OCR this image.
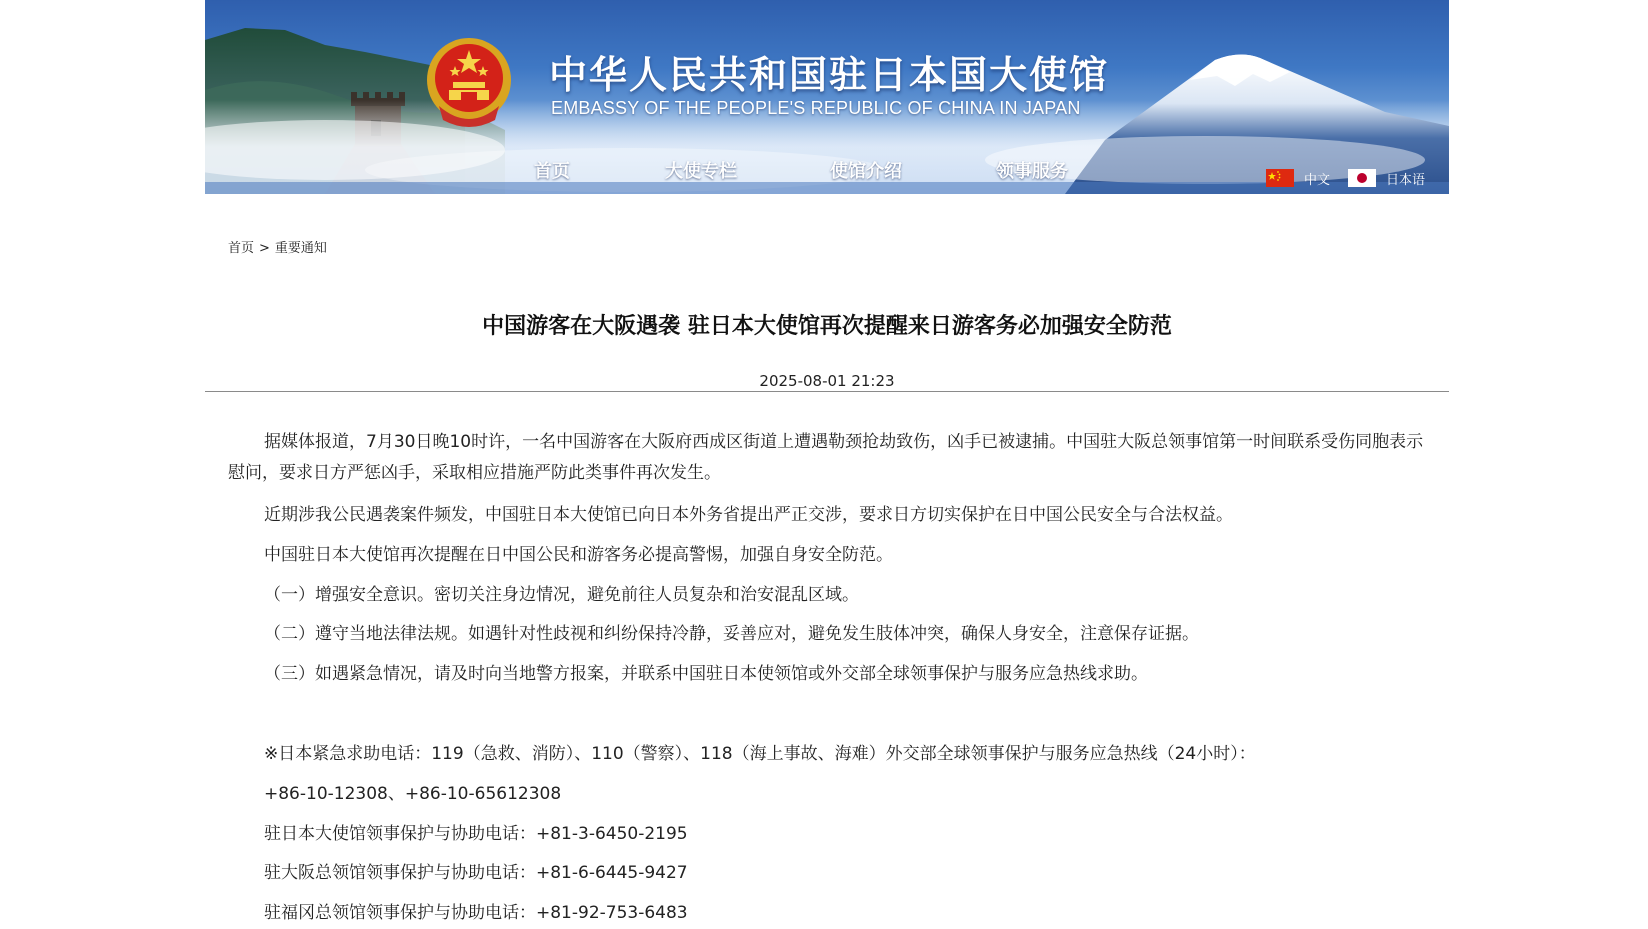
中华人民共和国驻日本国大使馆
EMBASSY OF THE PEOPLE'S REPUBLIC OF CHINA IN JAPAN
首页	大使专栏	使馆介绍	领事服务	中文	日本语
首页 > 重要通知
中国游客在大阪遇袭 驻日本大使馆再次提醒来日游客务必加强安全防范
2025-08-01 21:23

据媒体报道，7月30日晚10时许，一名中国游客在大阪府西成区街道上遭遇勒颈抢劫致伤，凶手已被逮捕。中国驻大阪总领事馆第一时间联系受伤同胞表示慰问，要求日方严惩凶手，采取相应措施严防此类事件再次发生。

近期涉我公民遇袭案件频发，中国驻日本大使馆已向日本外务省提出严正交涉，要求日方切实保护在日中国公民安全与合法权益。

中国驻日本大使馆再次提醒在日中国公民和游客务必提高警惕，加强自身安全防范。

（一）增强安全意识。密切关注身边情况，避免前往人员复杂和治安混乱区域。

（二）遵守当地法律法规。如遇针对性歧视和纠纷保持冷静，妥善应对，避免发生肢体冲突，确保人身安全，注意保存证据。

（三）如遇紧急情况，请及时向当地警方报案，并联系中国驻日本使领馆或外交部全球领事保护与服务应急热线求助。

※日本紧急求助电话：119（急救、消防）、110（警察）、118（海上事故、海难）外交部全球领事保护与服务应急热线（24小时）：

+86-10-12308、+86-10-65612308

驻日本大使馆领事保护与协助电话：+81-3-6450-2195

驻大阪总领馆领事保护与协助电话：+81-6-6445-9427

驻福冈总领馆领事保护与协助电话：+81-92-753-6483
